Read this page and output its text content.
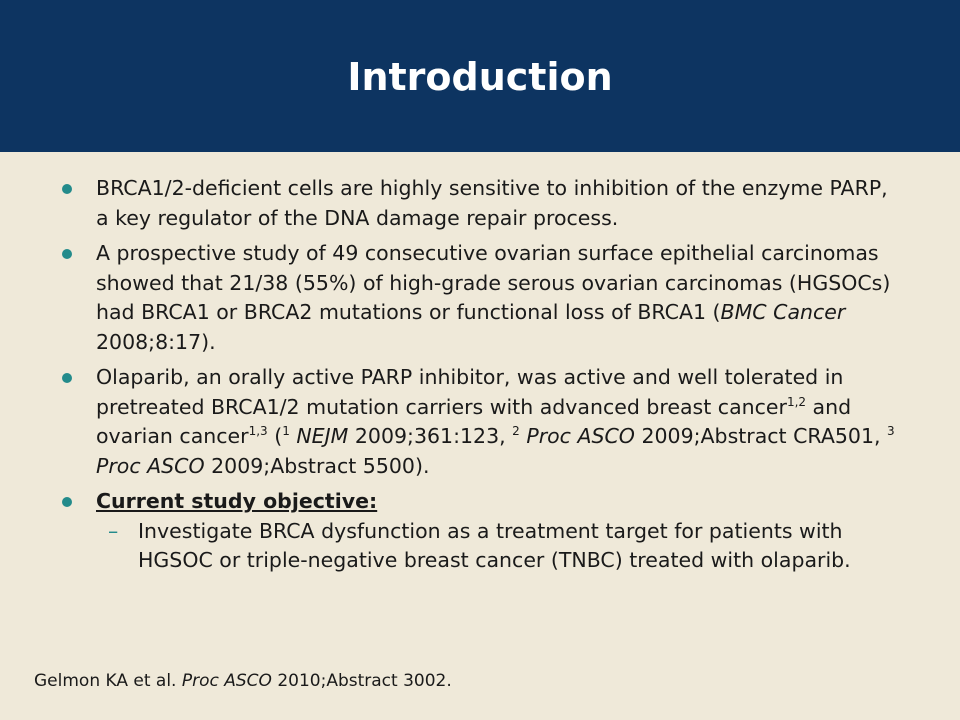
Introduction
BRCA1/2-deficient cells are highly sensitive to inhibition of the enzyme PARP, a key regulator of the DNA damage repair process.
A prospective study of 49 consecutive ovarian surface epithelial carcinomas showed that 21/38 (55%) of high-grade serous ovarian carcinomas (HGSOCs) had BRCA1 or BRCA2 mutations or functional loss of BRCA1 (BMC Cancer 2008;8:17).
Olaparib, an orally active PARP inhibitor, was active and well tolerated in pretreated BRCA1/2 mutation carriers with advanced breast cancer$^{1,2}$ and ovarian cancer$^{1,3}$ ($^1$ NEJM 2009;361:123, $^2$ Proc ASCO 2009;Abstract CRA501, $^3$ Proc ASCO 2009;Abstract 5500).
Current study objective:
– Investigate BRCA dysfunction as a treatment target for patients with HGSOC or triple-negative breast cancer (TNBC) treated with olaparib.
Gelmon KA et al. Proc ASCO 2010;Abstract 3002.
